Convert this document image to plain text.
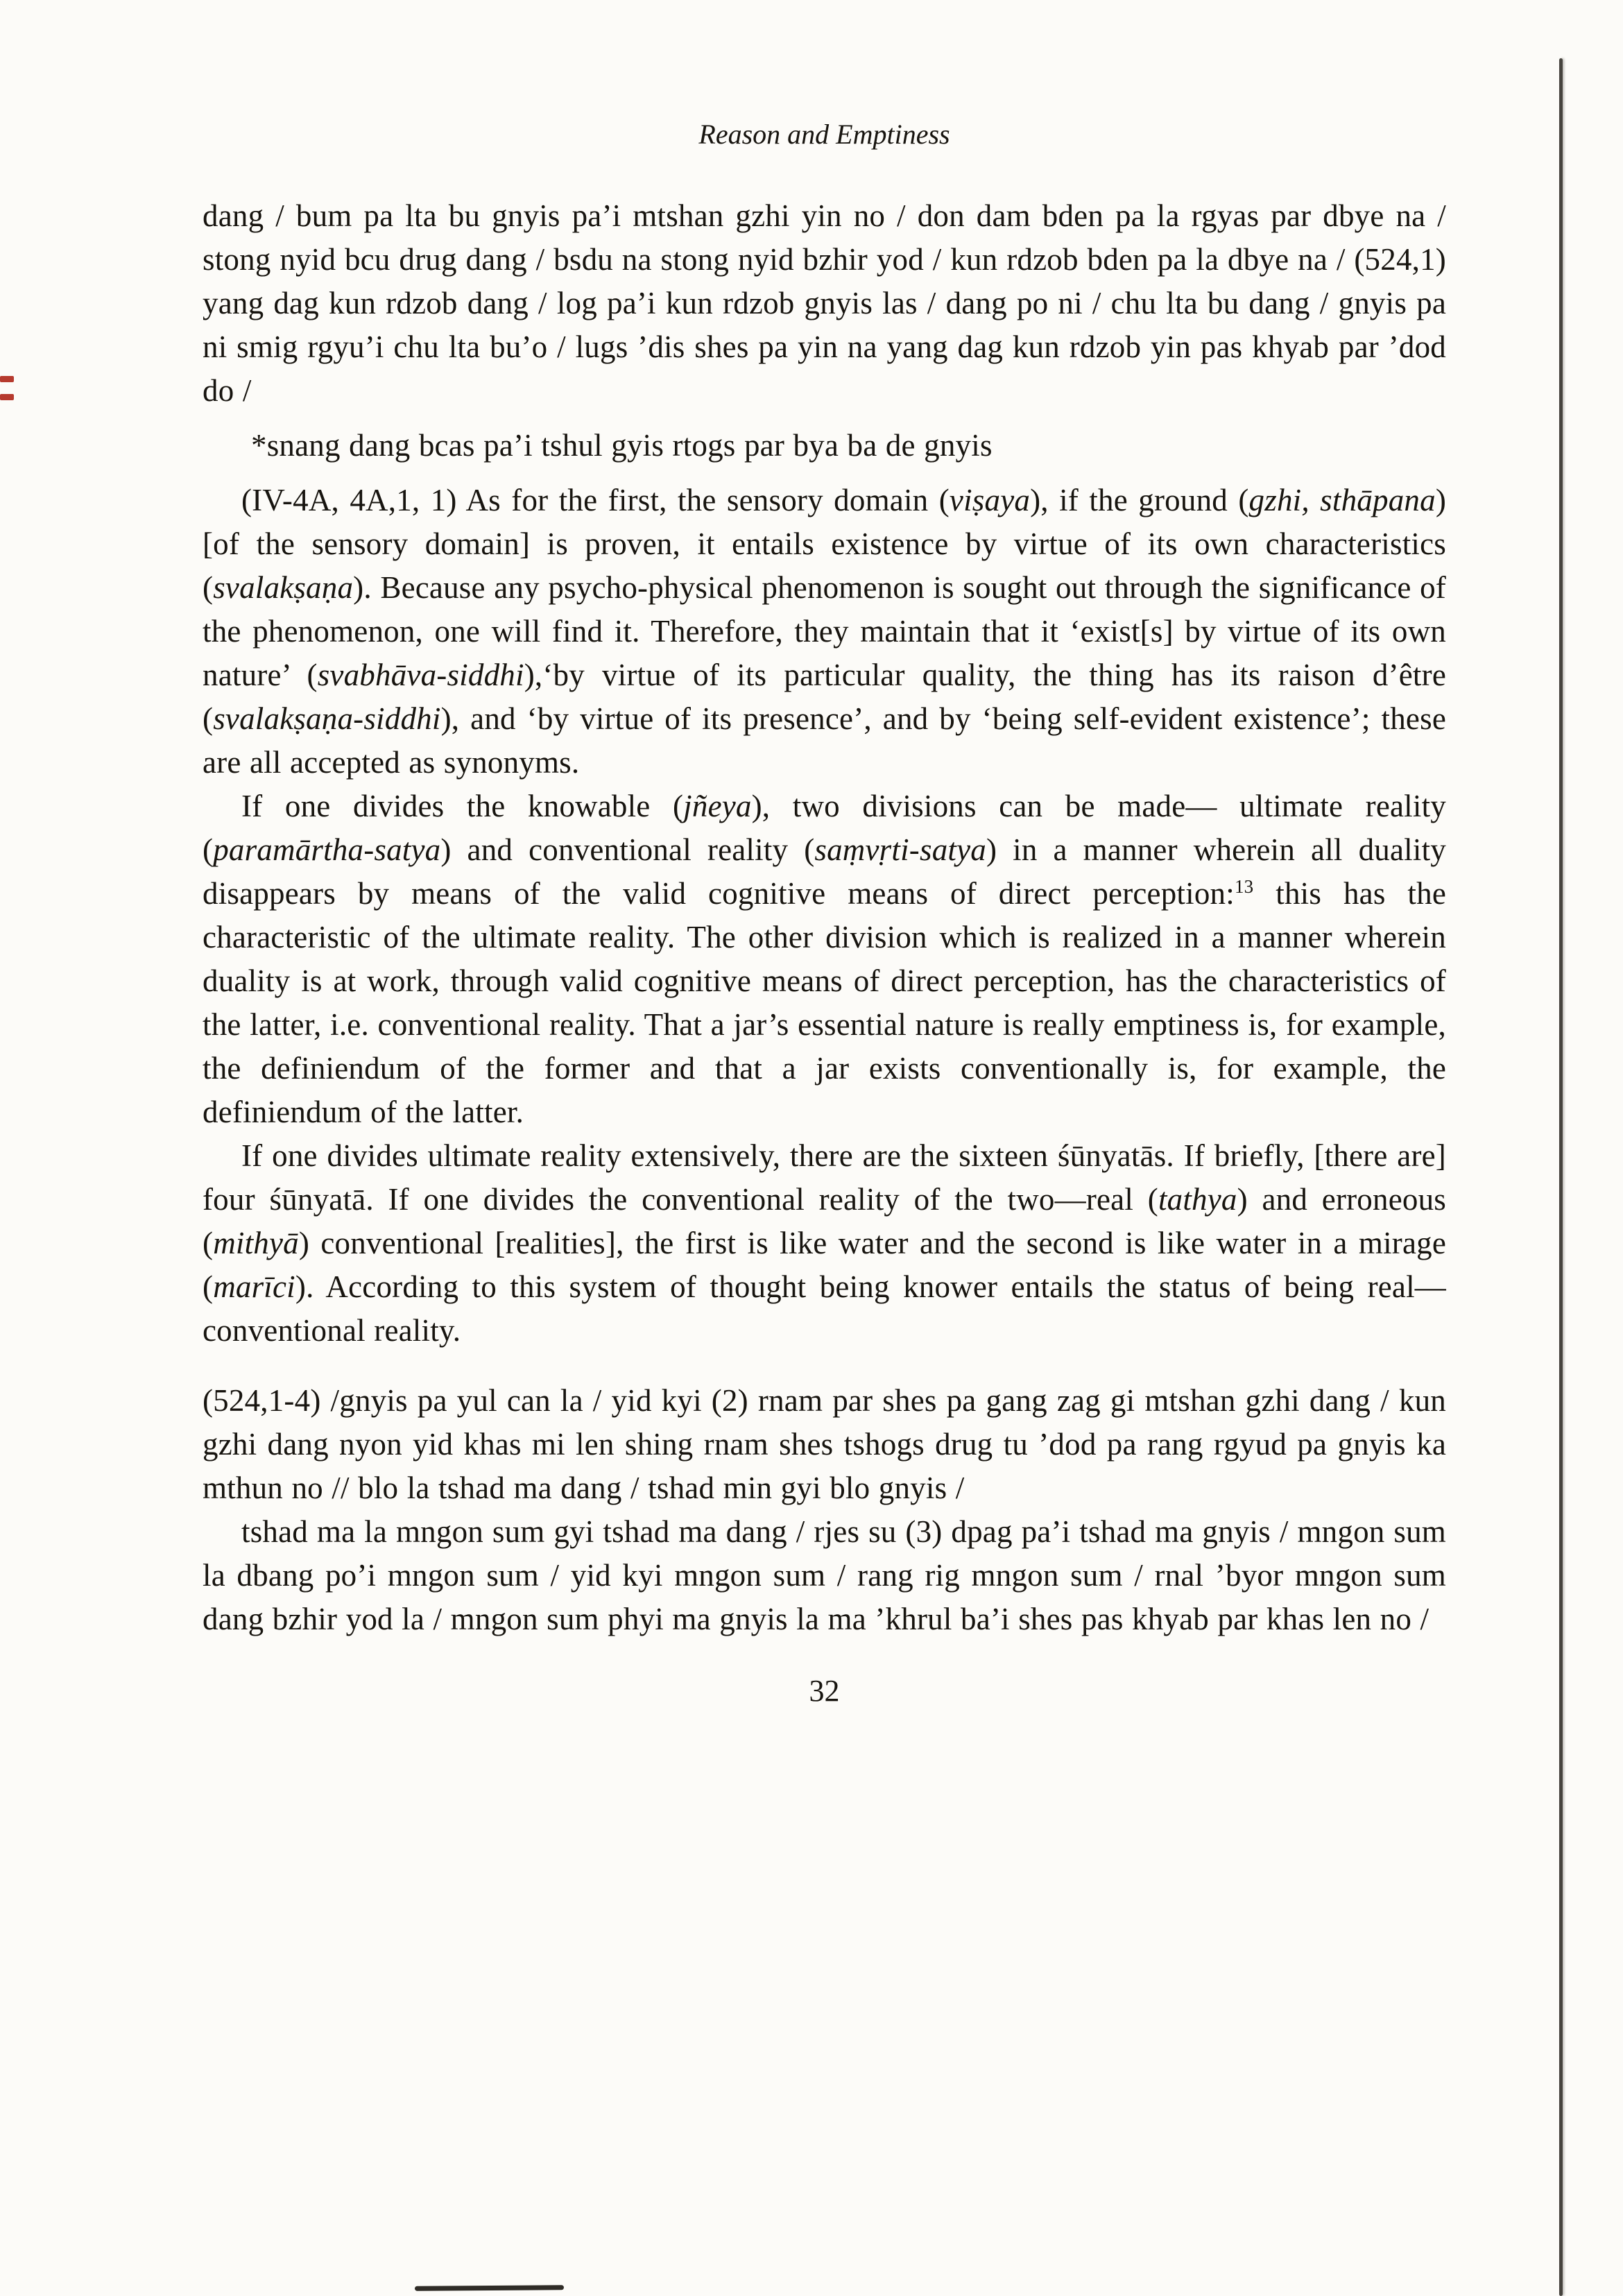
Reason and Emptiness

dang / bum pa lta bu gnyis pa’i mtshan gzhi yin no / don dam bden pa la rgyas par dbye na / stong nyid bcu drug dang / bsdu na stong nyid bzhir yod / kun rdzob bden pa la dbye na / (524,1) yang dag kun rdzob dang / log pa’i kun rdzob gnyis las / dang po ni / chu lta bu dang / gnyis pa ni smig rgyu’i chu lta bu’o / lugs ’dis shes pa yin na yang dag kun rdzob yin pas khyab par ’dod do /

*snang dang bcas pa’i tshul gyis rtogs par bya ba de gnyis

(IV-4A, 4A,1, 1) As for the first, the sensory domain (viṣaya), if the ground (gzhi, sthāpana) [of the sensory domain] is proven, it entails existence by virtue of its own characteristics (svalakṣaṇa). Because any psycho-physical phenomenon is sought out through the significance of the phenomenon, one will find it. Therefore, they maintain that it ‘exist[s] by virtue of its own nature’ (svabhāva-siddhi),‘by virtue of its particular quality, the thing has its raison d’être (svalakṣaṇa-siddhi), and ‘by virtue of its presence’, and by ‘being self-evident existence’; these are all accepted as synonyms.

If one divides the knowable (jñeya), two divisions can be made— ultimate reality (paramārtha-satya) and conventional reality (saṃvṛti-satya) in a manner wherein all duality disappears by means of the valid cognitive means of direct perception:$^{13}$ this has the characteristic of the ultimate reality. The other division which is realized in a manner wherein duality is at work, through valid cognitive means of direct perception, has the characteristics of the latter, i.e. conventional reality. That a jar’s essential nature is really emptiness is, for example, the definiendum of the former and that a jar exists conventionally is, for example, the definiendum of the latter.

If one divides ultimate reality extensively, there are the sixteen śūnyatās. If briefly, [there are] four śūnyatā. If one divides the conventional reality of the two—real (tathya) and erroneous (mithyā) conventional [realities], the first is like water and the second is like water in a mirage (marīci). According to this system of thought being knower entails the status of being real—conventional reality.

(524,1-4) /gnyis pa yul can la / yid kyi (2) rnam par shes pa gang zag gi mtshan gzhi dang / kun gzhi dang nyon yid khas mi len shing rnam shes tshogs drug tu ’dod pa rang rgyud pa gnyis ka mthun no // blo la tshad ma dang / tshad min gyi blo gnyis /

tshad ma la mngon sum gyi tshad ma dang / rjes su (3) dpag pa’i tshad ma gnyis / mngon sum la dbang po’i mngon sum / yid kyi mngon sum / rang rig mngon sum / rnal ’byor mngon sum dang bzhir yod la / mngon sum phyi ma gnyis la ma ’khrul ba’i shes pas khyab par khas len no /

32
